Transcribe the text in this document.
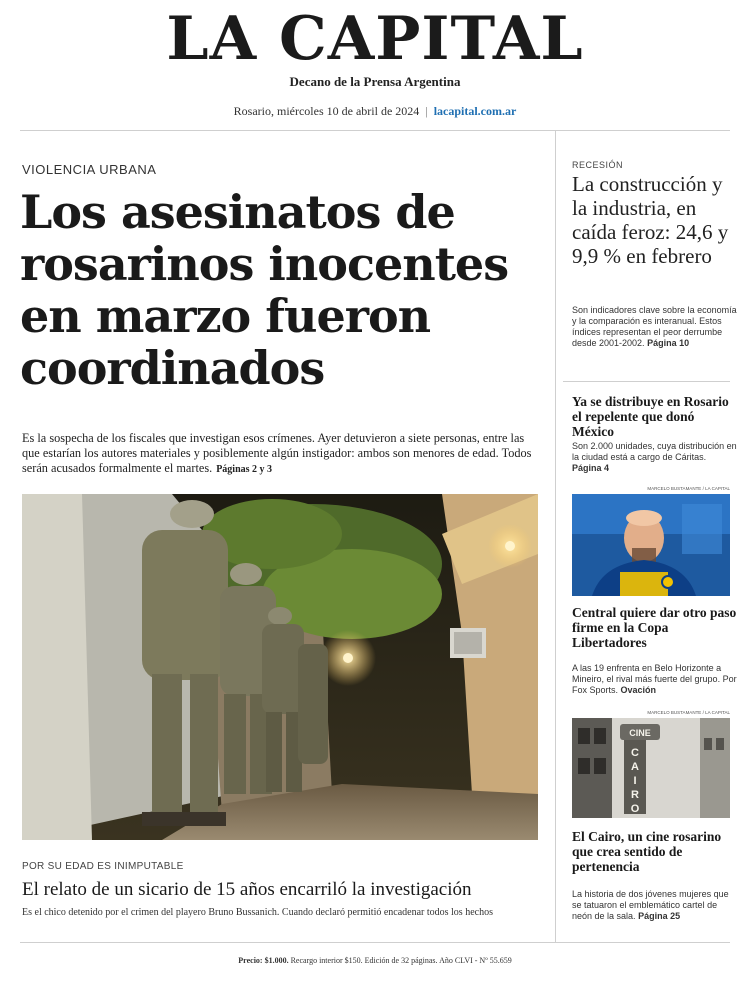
LA CAPITAL
Decano de la Prensa Argentina
Rosario, miércoles 10 de abril de 2024 | lacapital.com.ar
VIOLENCIA URBANA
Los asesinatos de rosarinos inocentes en marzo fueron coordinados
Es la sospecha de los fiscales que investigan esos crímenes. Ayer detuvieron a siete personas, entre las que estarían los autores materiales y posiblemente algún instigador: ambos son menores de edad. Todos serán acusados formalmente el martes. Páginas 2 y 3
POR SU EDAD ES INIMPUTABLE
El relato de un sicario de 15 años encarriló la investigación
Es el chico detenido por el crimen del playero Bruno Bussanich. Cuando declaró permitió encadenar todos los hechos
RECESIÓN
La construcción y la industria, en caída feroz: 24,6 y 9,9 % en febrero
Son indicadores clave sobre la economía y la comparación es interanual. Estos índices representan el peor derrumbe desde 2001-2002. Página 10
Ya se distribuye en Rosario el repelente que donó México
Son 2.000 unidades, cuya distribución en la ciudad está a cargo de Cáritas. Página 4
MARCELO BUSTAMANTE / LA CAPITAL
Central quiere dar otro paso firme en la Copa Libertadores
A las 19 enfrenta en Belo Horizonte a Mineiro, el rival más fuerte del grupo. Por Fox Sports. Ovación
MARCELO BUSTAMANTE / LA CAPITAL
CINE
C
A
I
R
O
El Cairo, un cine rosarino que crea sentido de pertenencia
La historia de dos jóvenes mujeres que se tatuaron el emblemático cartel de neón de la sala. Página 25
Precio: $1.000. Recargo interior $150. Edición de 32 páginas. Año CLVI - Nº 55.659
